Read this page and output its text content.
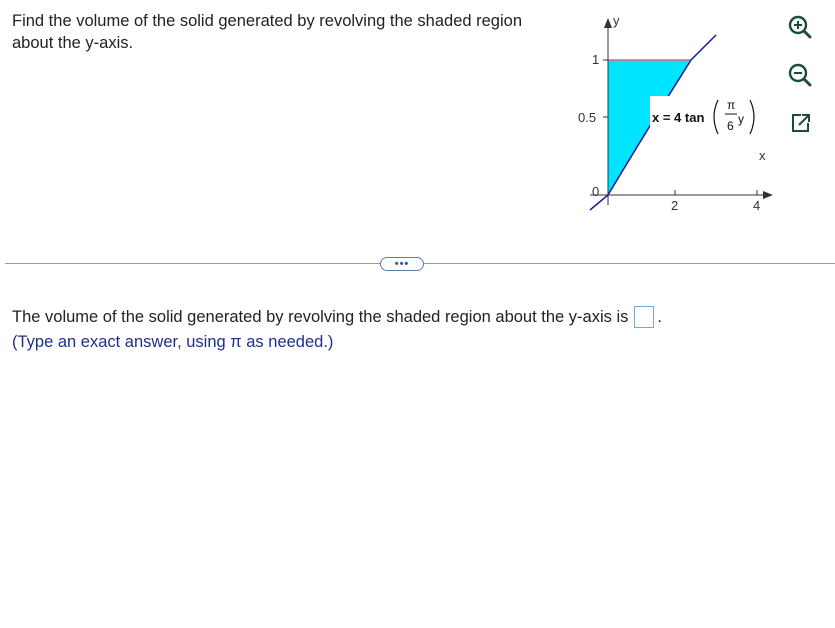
Find the volume of the solid generated by revolving the shaded region about the y-axis.
y
x
1
0.5
0
2	4
x = 4 tan
π
6 y
•••
The volume of the solid generated by revolving the shaded region about the y-axis is .
(Type an exact answer, using π as needed.)
